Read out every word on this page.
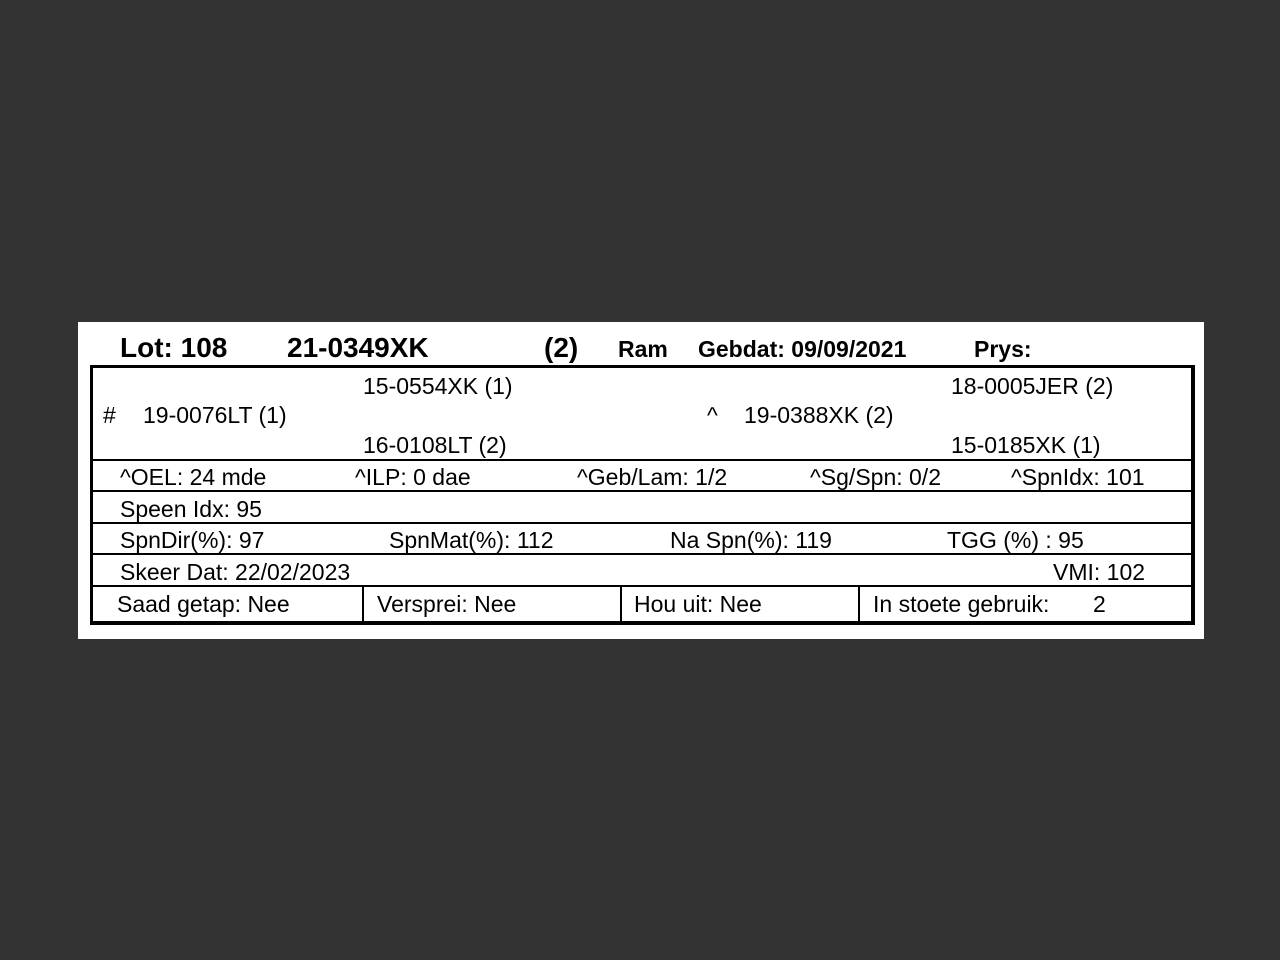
Lot: 108 21-0349XK	(2) Ram Gebdat: 09/09/2021	Prys:
# 19-0076LT (1)
15-0554XK (1)
16-0108LT (2)
^ 19-0388XK (2)
18-0005JER (2)
15-0185XK (1)
^OEL: 24 mde	^ILP: 0 dae	^Geb/Lam: 1/2	^Sg/Spn: 0/2	^SpnIdx: 101
Speen Idx: 95
SpnDir(%): 97	SpnMat(%): 112	Na Spn(%): 119	TGG (%) : 95
Skeer Dat: 22/02/2023	VMI: 102
Saad getap: Nee	Versprei: Nee	Hou uit: Nee	In stoete gebruik: 2
